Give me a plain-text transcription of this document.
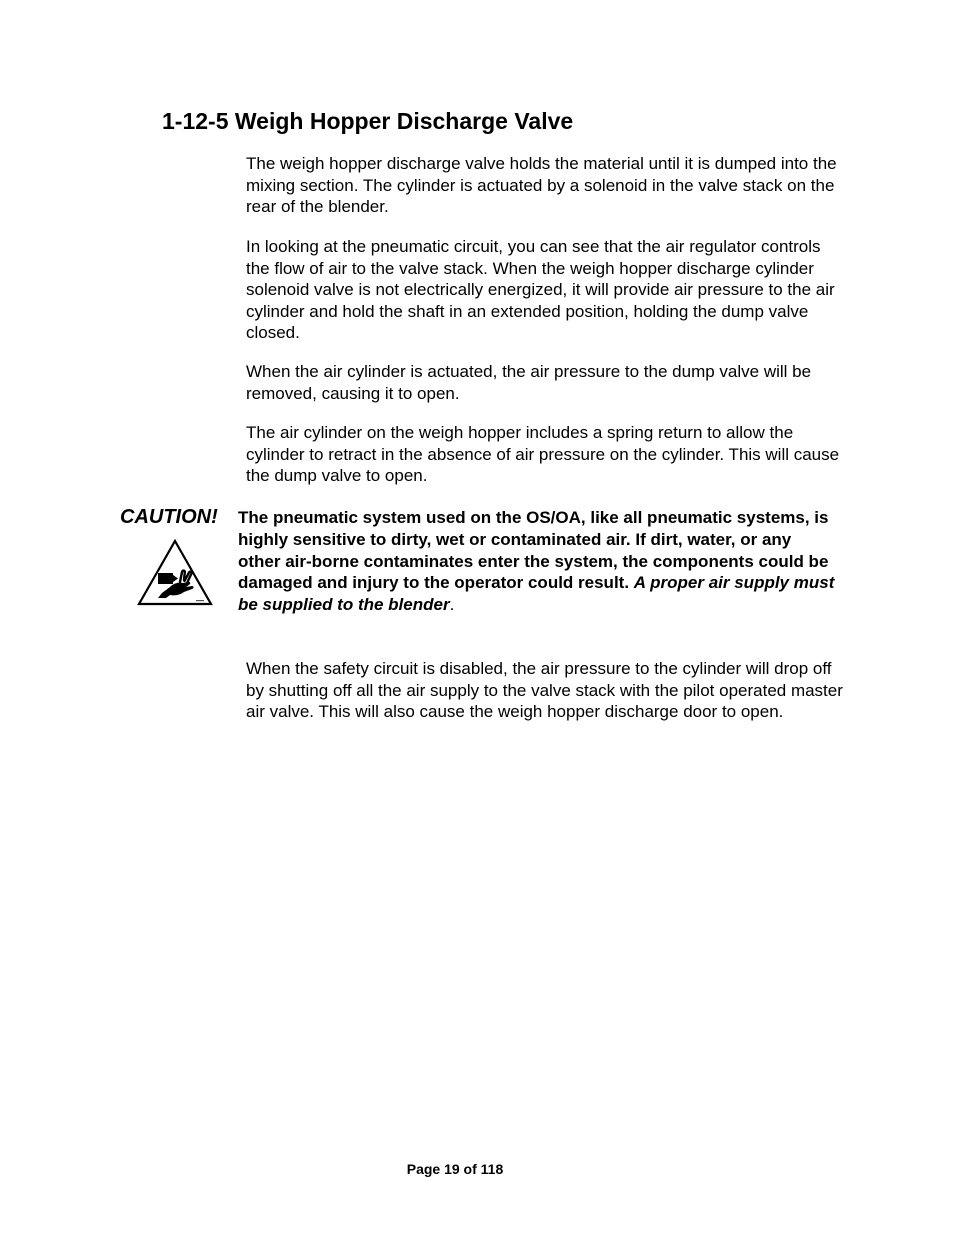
1-12-5 Weigh Hopper Discharge Valve

The weigh hopper discharge valve holds the material until it is dumped into the mixing section. The cylinder is actuated by a solenoid in the valve stack on the rear of the blender.

In looking at the pneumatic circuit, you can see that the air regulator controls the flow of air to the valve stack. When the weigh hopper discharge cylinder solenoid valve is not electrically energized, it will provide air pressure to the air cylinder and hold the shaft in an extended position, holding the dump valve closed.

When the air cylinder is actuated, the air pressure to the dump valve will be removed, causing it to open.

The air cylinder on the weigh hopper includes a spring return to allow the cylinder to retract in the absence of air pressure on the cylinder. This will cause the dump valve to open.

CAUTION! The pneumatic system used on the OS/OA, like all pneumatic systems, is highly sensitive to dirty, wet or contaminated air. If dirt, water, or any other air-borne contaminates enter the system, the components could be damaged and injury to the operator could result. A proper air supply must be supplied to the blender.

When the safety circuit is disabled, the air pressure to the cylinder will drop off by shutting off all the air supply to the valve stack with the pilot operated master air valve. This will also cause the weigh hopper discharge door to open.

Page 19 of 118
